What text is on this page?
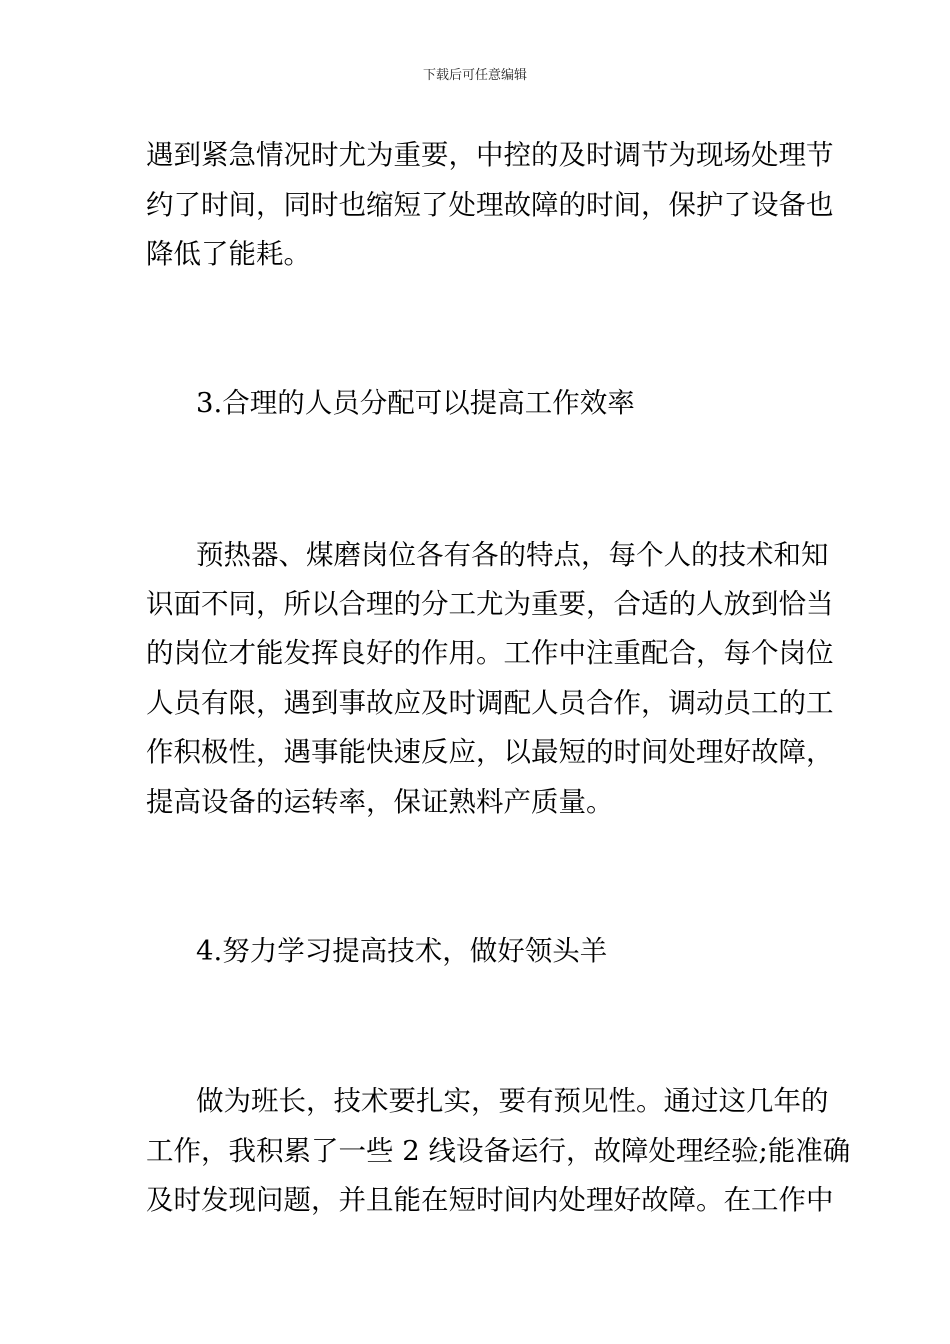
下载后可任意编辑
遇到紧急情况时尤为重要，中控的及时调节为现场处理节
约了时间，同时也缩短了处理故障的时间，保护了设备也
降低了能耗。
3.合理的人员分配可以提高工作效率
预热器、煤磨岗位各有各的特点，每个人的技术和知
识面不同，所以合理的分工尤为重要，合适的人放到恰当
的岗位才能发挥良好的作用。工作中注重配合，每个岗位
人员有限，遇到事故应及时调配人员合作，调动员工的工
作积极性，遇事能快速反应，以最短的时间处理好故障，
提高设备的运转率，保证熟料产质量。
4.努力学习提高技术，做好领头羊
做为班长，技术要扎实，要有预见性。通过这几年的
工作，我积累了一些 2 线设备运行，故障处理经验;能准确
及时发现问题，并且能在短时间内处理好故障。在工作中
